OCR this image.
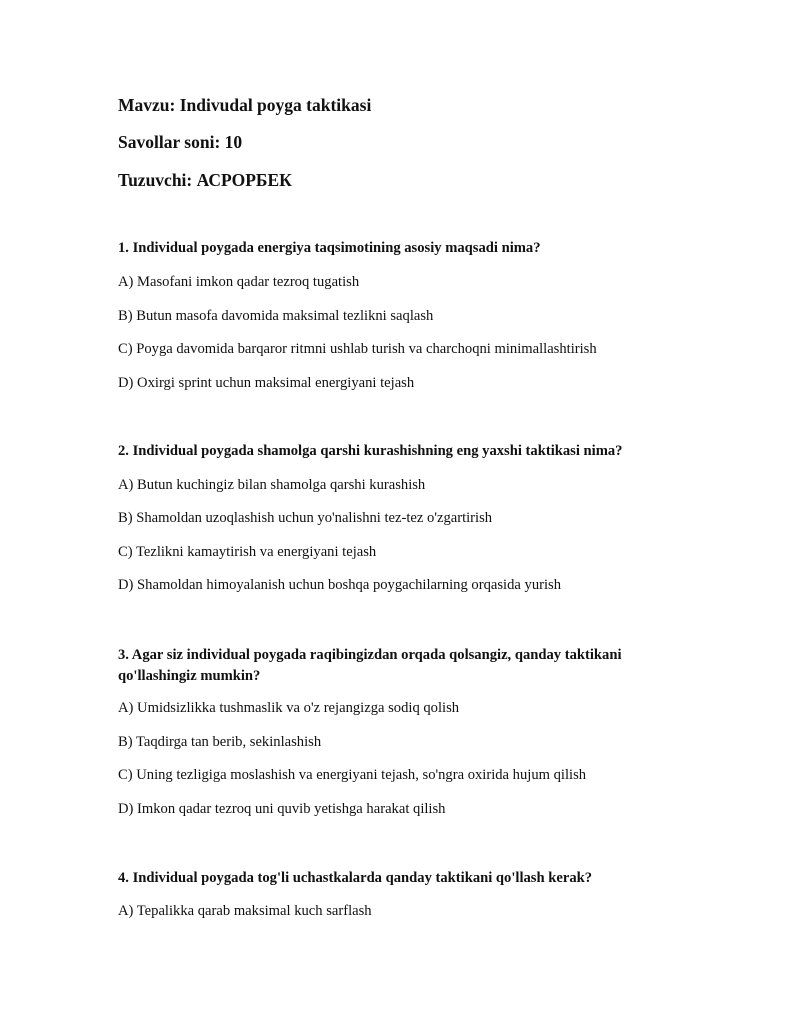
Mavzu: Indivudal poyga taktikasi
Savollar soni: 10
Tuzuvchi: АСРОРБЕК
1. Individual poygada energiya taqsimotining asosiy maqsadi nima?
A) Masofani imkon qadar tezroq tugatish
B) Butun masofa davomida maksimal tezlikni saqlash
C) Poyga davomida barqaror ritmni ushlab turish va charchoqni minimallashtirish
D) Oxirgi sprint uchun maksimal energiyani tejash
2. Individual poygada shamolga qarshi kurashishning eng yaxshi taktikasi nima?
A) Butun kuchingiz bilan shamolga qarshi kurashish
B) Shamoldan uzoqlashish uchun yo'nalishni tez-tez o'zgartirish
C) Tezlikni kamaytirish va energiyani tejash
D) Shamoldan himoyalanish uchun boshqa poygachilarning orqasida yurish
3. Agar siz individual poygada raqibingizdan orqada qolsangiz, qanday taktikani qo'llashingiz mumkin?
A) Umidsizlikka tushmaslik va o'z rejangizga sodiq qolish
B) Taqdirga tan berib, sekinlashish
C) Uning tezligiga moslashish va energiyani tejash, so'ngra oxirida hujum qilish
D) Imkon qadar tezroq uni quvib yetishga harakat qilish
4. Individual poygada tog'li uchastkalarda qanday taktikani qo'llash kerak?
A) Tepalikka qarab maksimal kuch sarflash
